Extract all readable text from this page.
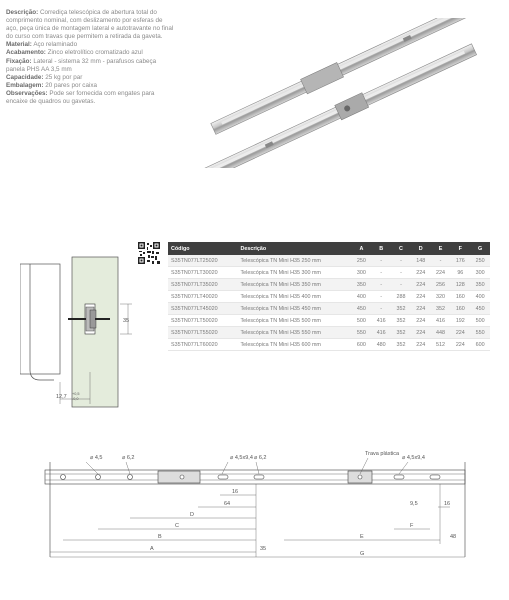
Descrição: Corrediça telescópica de abertura total do comprimento nominal, com deslizamento por esferas de aço, peça única de montagem lateral e autotravante no final do curso com travas que permitem a retirada da gaveta.
Material: Aço relaminado
Acabamento: Zinco eletrolítico cromatizado azul
Fixação: Lateral - sistema 32 mm - parafusos cabeça panela PHS AA 3,5 mm
Capacidade: 25 kg por par
Embalagem: 20 pares por caixa
Observações: Pode ser fornecida com engates para encaixe de quadros ou gavetas.
35
12,7 +0,5
-0,0
Código	Descrição	A	B	C	D	E	F	G
S35TN077LT25020	Telescópica TN Mini H35 250 mm	250	-	-	148	-	176	250
S35TN077LT30020	Telescópica TN Mini H35 300 mm	300	-	-	224	224	96	300
S35TN077LT35020	Telescópica TN Mini H35 350 mm	350	-	-	224	256	128	350
S35TN077LT40020	Telescópica TN Mini H35 400 mm	400	-	288	224	320	160	400
S35TN077LT45020	Telescópica TN Mini H35 450 mm	450	-	352	224	352	160	450
S35TN077LT50020	Telescópica TN Mini H35 500 mm	500	416	352	224	416	192	500
S35TN077LT55020	Telescópica TN Mini H35 550 mm	550	416	352	224	448	224	550
S35TN077LT60020	Telescópica TN Mini H35 600 mm	600	480	352	224	512	224	600
⌀ 4,5	⌀ 6,2	⌀ 4,5x9,4 ⌀ 6,2
Trava plástica
⌀ 4,5x9,4
16
64
D
C
B
A	35
9,5	16
F
E	48
G
